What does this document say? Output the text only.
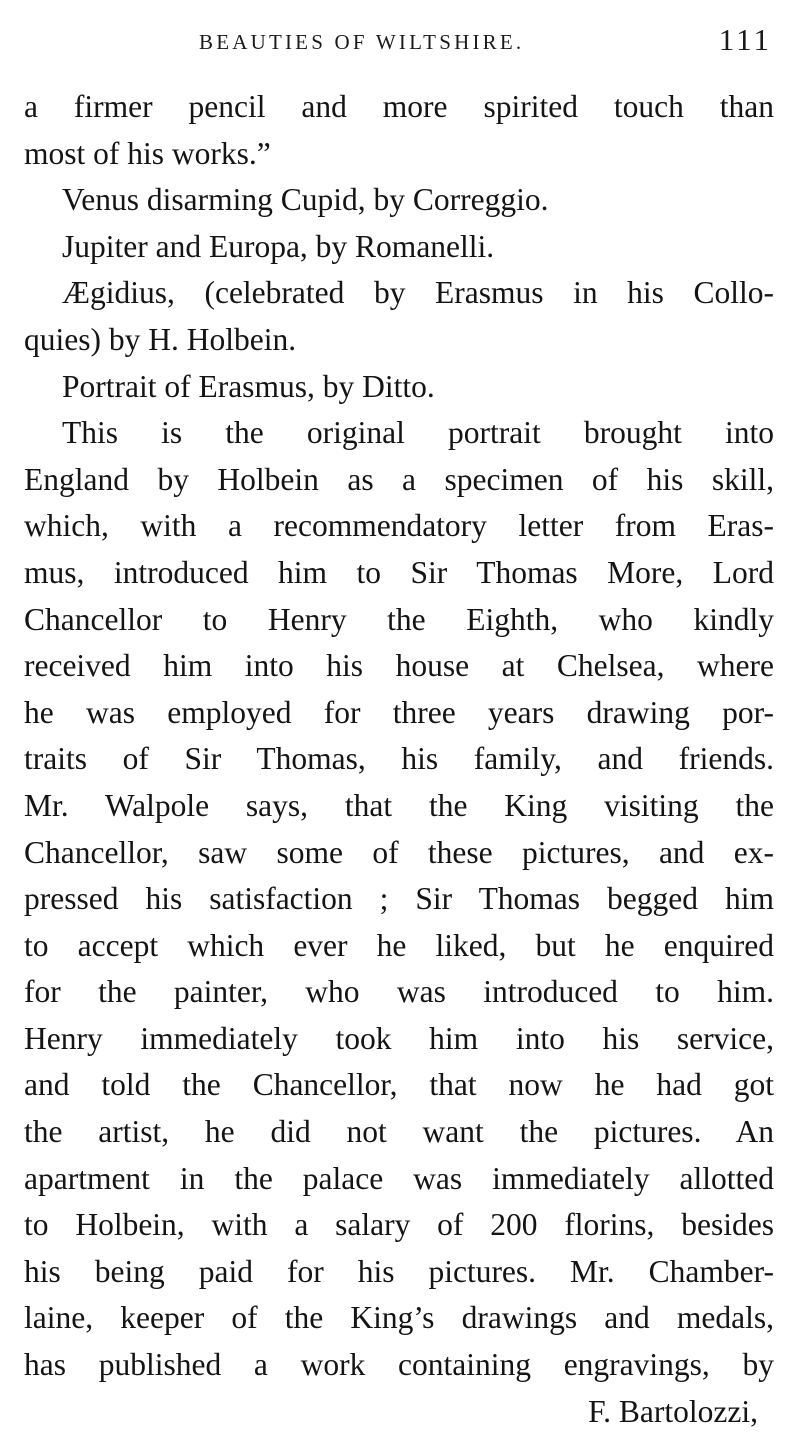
BEAUTIES OF WILTSHIRE.	111
a firmer pencil and more spirited touch than
most of his works.”
Venus disarming Cupid, by Correggio.
Jupiter and Europa, by Romanelli.
Ægidius, (celebrated by Erasmus in his Collo-
quies) by H. Holbein.
Portrait of Erasmus, by Ditto.
This is the original portrait brought into
England by Holbein as a specimen of his skill,
which, with a recommendatory letter from Eras-
mus, introduced him to Sir Thomas More, Lord
Chancellor to Henry the Eighth, who kindly
received him into his house at Chelsea, where
he was employed for three years drawing por-
traits of Sir Thomas, his family, and friends.
Mr. Walpole says, that the King visiting the
Chancellor, saw some of these pictures, and ex-
pressed his satisfaction ; Sir Thomas begged him
to accept which ever he liked, but he enquired
for the painter, who was introduced to him.
Henry immediately took him into his service,
and told the Chancellor, that now he had got
the artist, he did not want the pictures. An
apartment in the palace was immediately allotted
to Holbein, with a salary of 200 florins, besides
his being paid for his pictures. Mr. Chamber-
laine, keeper of the King’s drawings and medals,
has published a work containing engravings, by
F. Bartolozzi,
